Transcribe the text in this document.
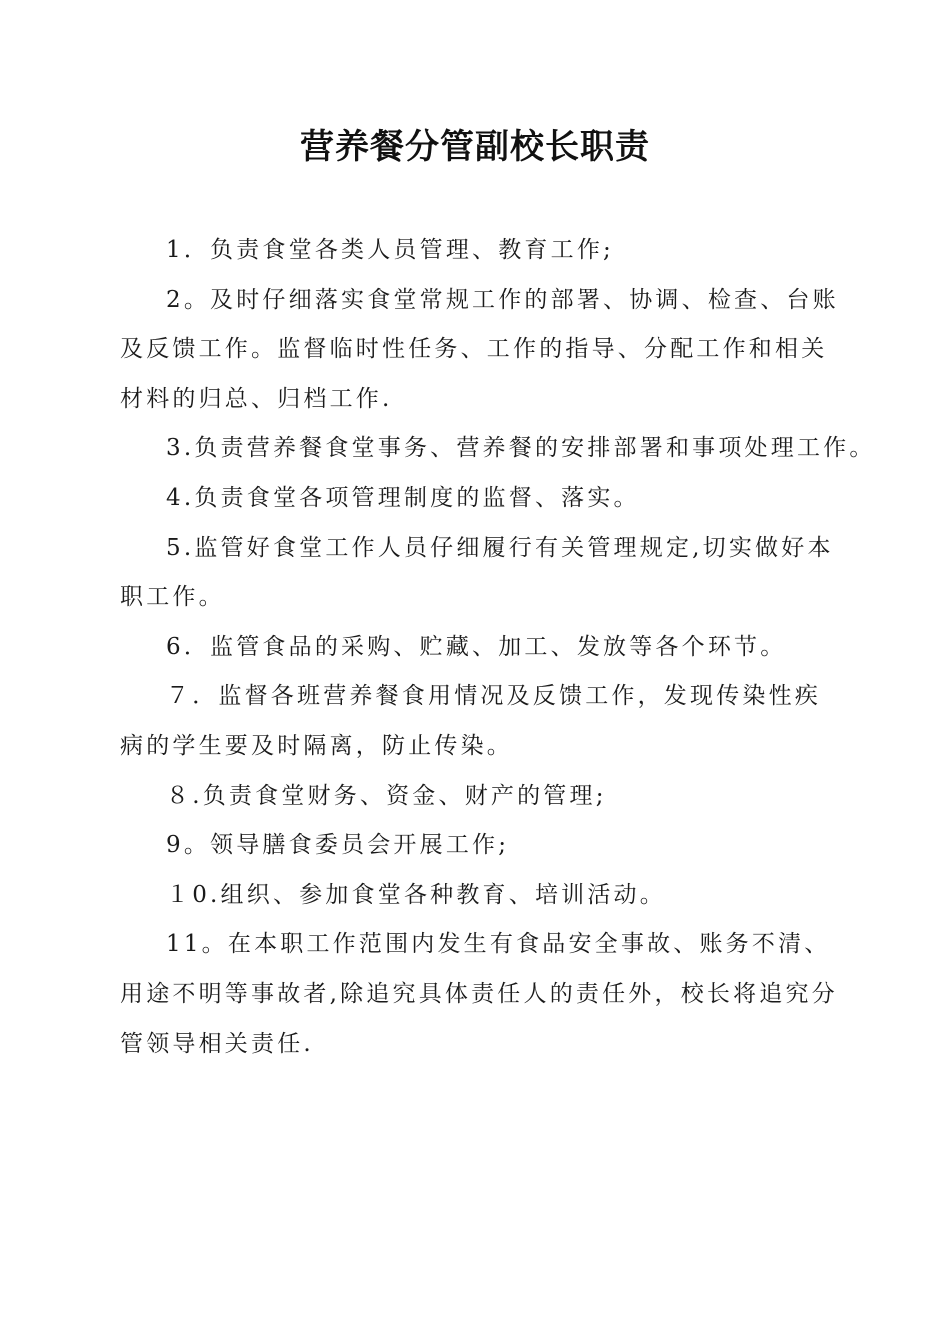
营养餐分管副校长职责

1．负责食堂各类人员管理、教育工作;

2。及时仔细落实食堂常规工作的部署、协调、检查、台账及反馈工作。监督临时性任务、工作的指导、分配工作和相关材料的归总、归档工作.

3.负责营养餐食堂事务、营养餐的安排部署和事项处理工作。

4.负责食堂各项管理制度的监督、落实。

5.监管好食堂工作人员仔细履行有关管理规定,切实做好本职工作。

6．监管食品的采购、贮藏、加工、发放等各个环节。

７．监督各班营养餐食用情况及反馈工作，发现传染性疾病的学生要及时隔离，防止传染。

８.负责食堂财务、资金、财产的管理;

9。领导膳食委员会开展工作;

１0.组织、参加食堂各种教育、培训活动。

11。在本职工作范围内发生有食品安全事故、账务不清、用途不明等事故者,除追究具体责任人的责任外，校长将追究分管领导相关责任.
